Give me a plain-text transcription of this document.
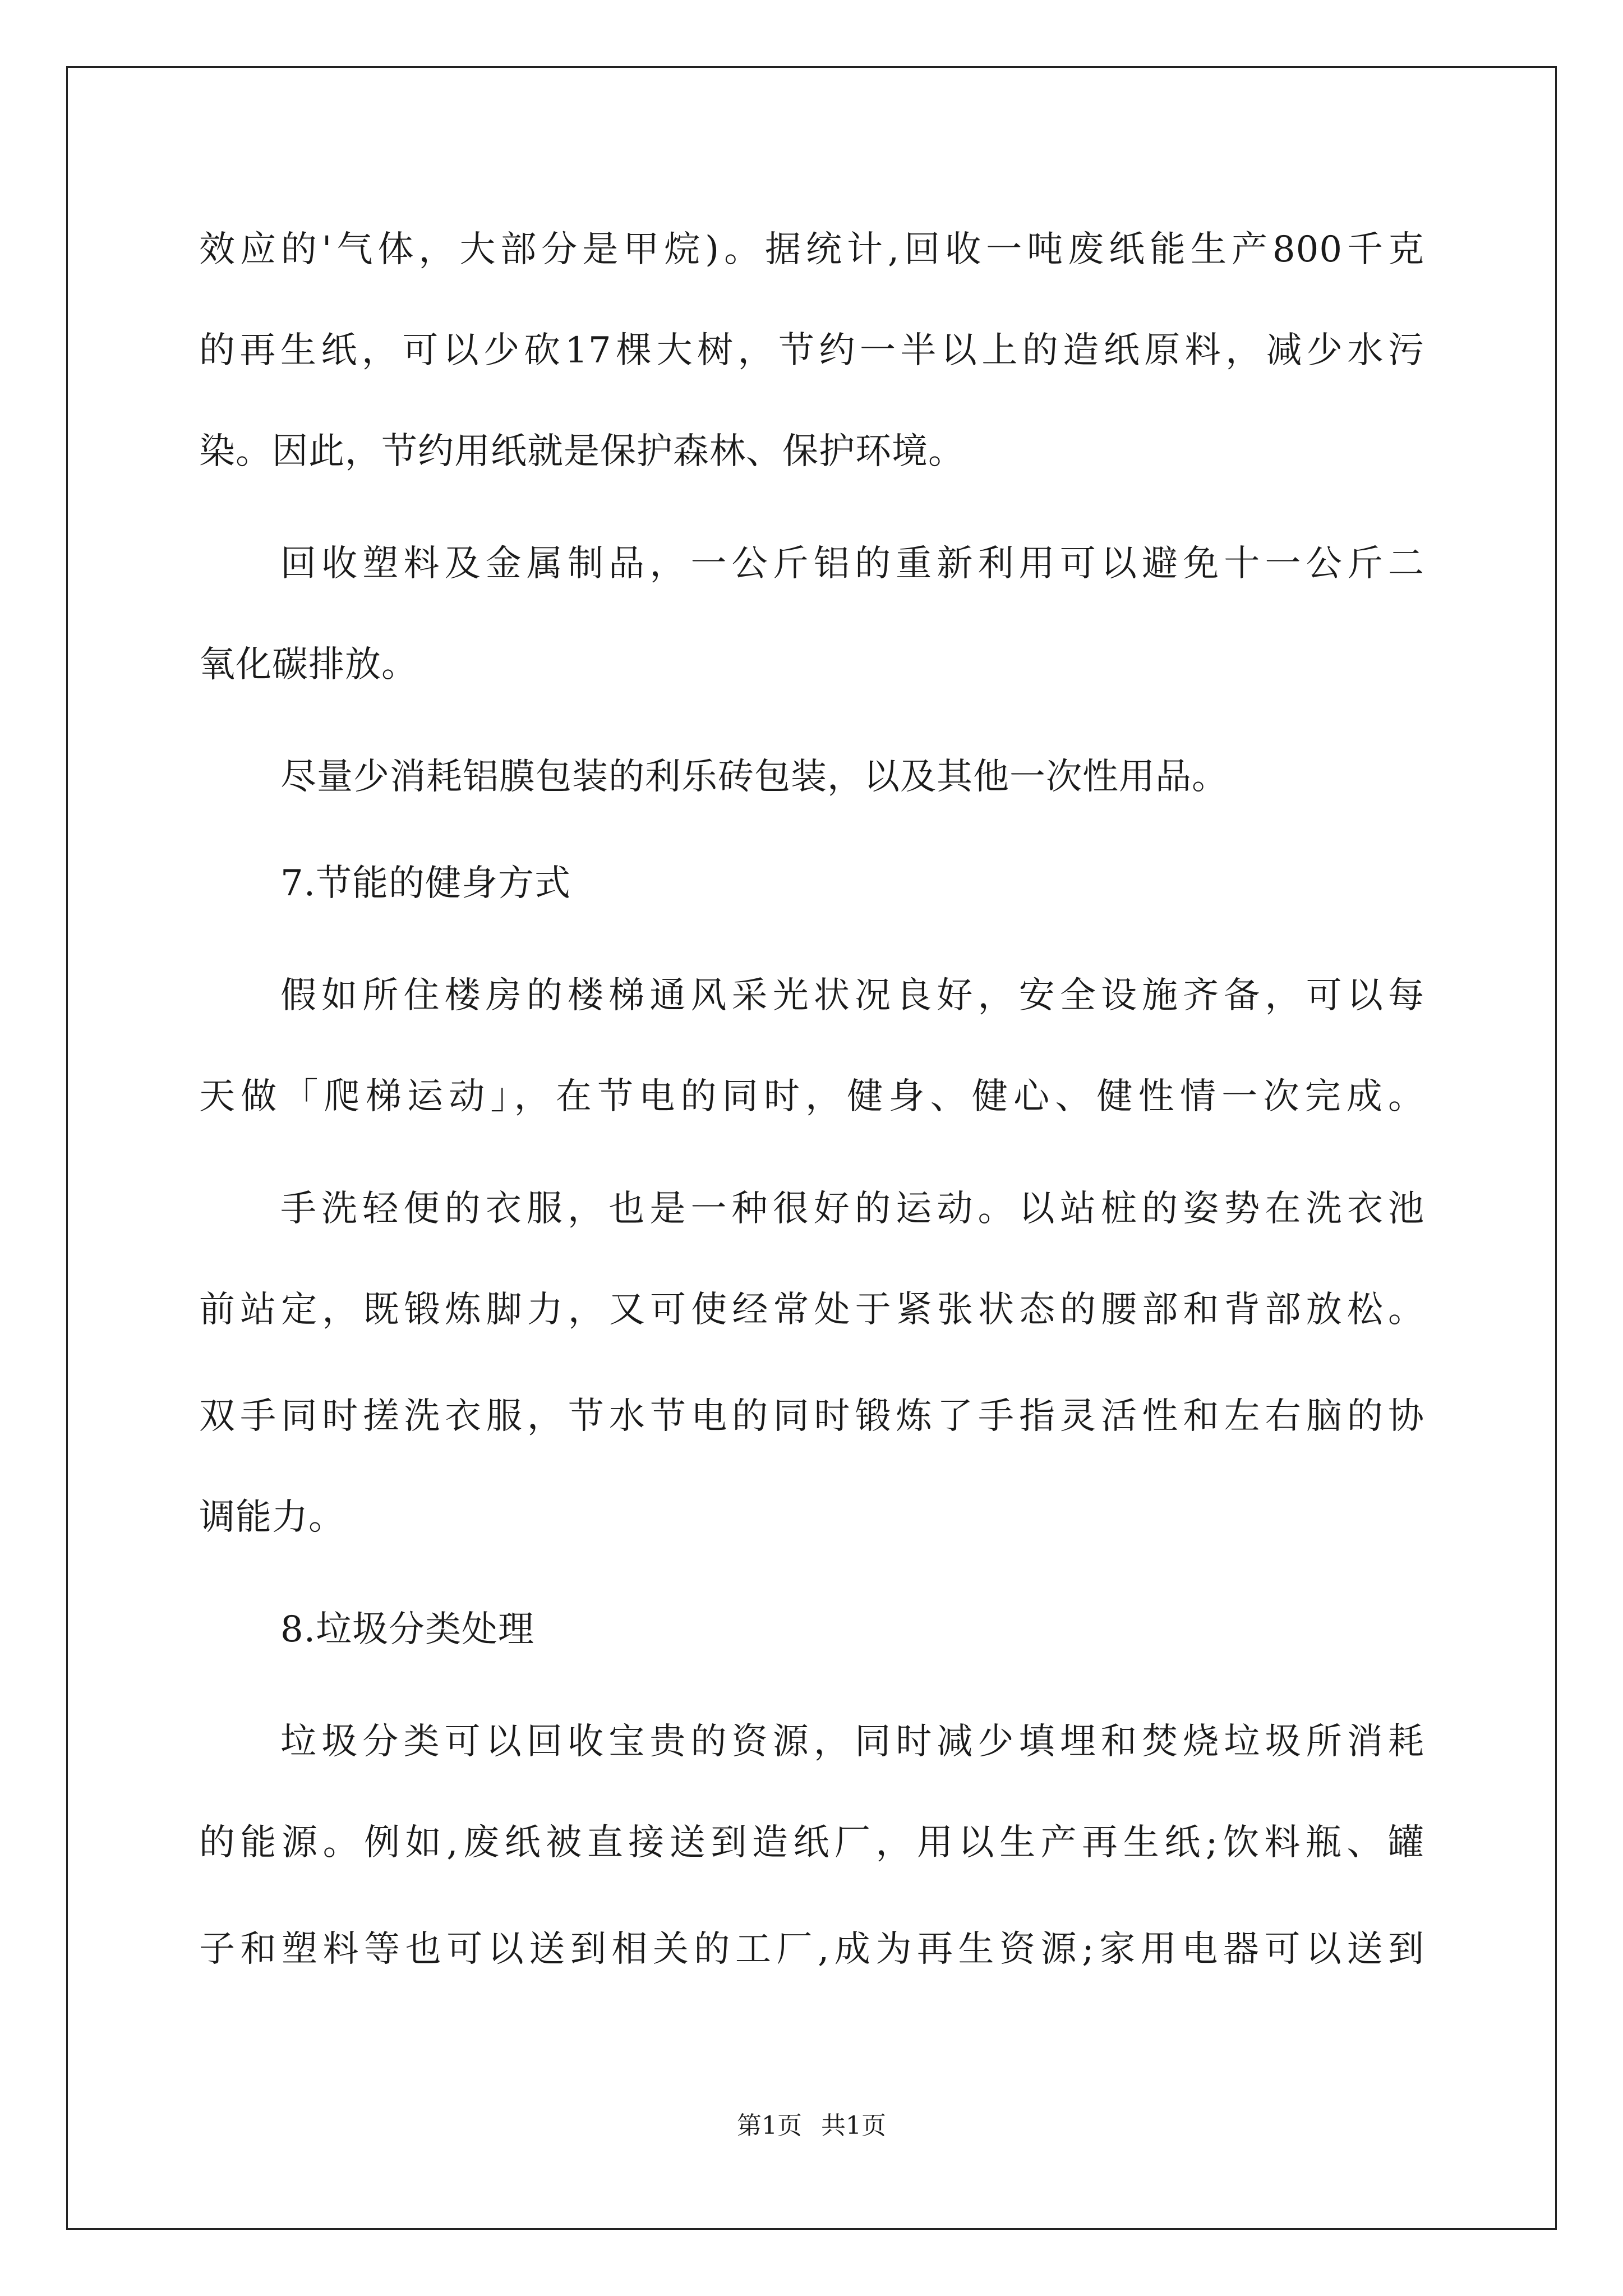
效应的'气体，大部分是甲烷)。据统计,回收一吨废纸能生产800千克
的再生纸，可以少砍17棵大树，节约一半以上的造纸原料，减少水污
染。因此，节约用纸就是保护森林、保护环境。
回收塑料及金属制品，一公斤铝的重新利用可以避免十一公斤二
氧化碳排放。
尽量少消耗铝膜包装的利乐砖包装，以及其他一次性用品。
7.节能的健身方式
假如所住楼房的楼梯通风采光状况良好，安全设施齐备，可以每
天做「爬梯运动」，在节电的同时，健身、健心、健性情一次完成。
手洗轻便的衣服，也是一种很好的运动。以站桩的姿势在洗衣池
前站定，既锻炼脚力，又可使经常处于紧张状态的腰部和背部放松。
双手同时搓洗衣服，节水节电的同时锻炼了手指灵活性和左右脑的协
调能力。
8.垃圾分类处理
垃圾分类可以回收宝贵的资源，同时减少填埋和焚烧垃圾所消耗
的能源。例如,废纸被直接送到造纸厂，用以生产再生纸;饮料瓶、罐
子和塑料等也可以送到相关的工厂,成为再生资源;家用电器可以送到
第1页 共1页
